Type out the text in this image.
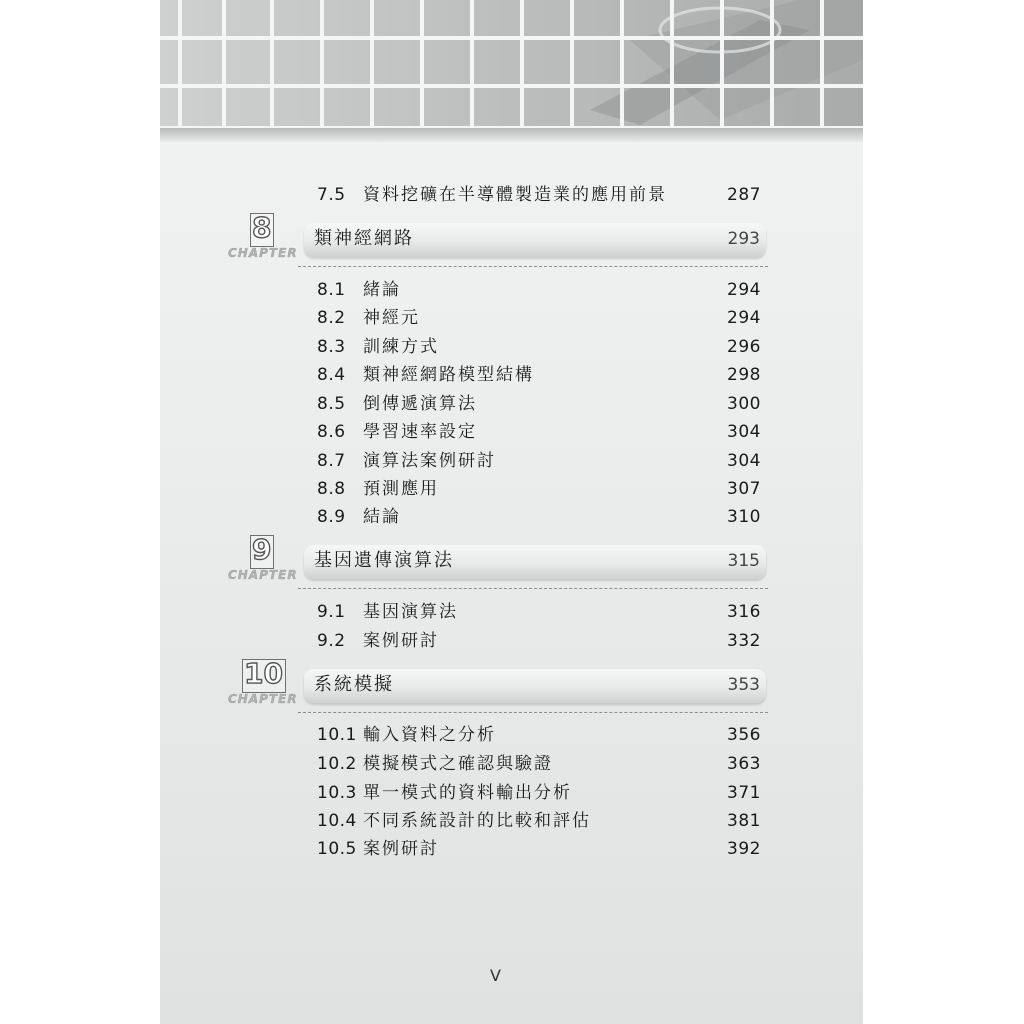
7.5 資料挖礦在半導體製造業的應用前景	287
8
CHAPTER
類神經網路	293
8.1 緒論	294
8.2 神經元	294
8.3 訓練方式	296
8.4 類神經網路模型結構	298
8.5 倒傳遞演算法	300
8.6 學習速率設定	304
8.7 演算法案例研討	304
8.8 預測應用	307
8.9 結論	310
9
CHAPTER
基因遺傳演算法	315
9.1 基因演算法	316
9.2 案例研討	332
10
CHAPTER
系統模擬	353
10.1 輸入資料之分析	356
10.2 模擬模式之確認與驗證	363
10.3 單一模式的資料輸出分析	371
10.4 不同系統設計的比較和評估	381
10.5 案例研討	392
V
